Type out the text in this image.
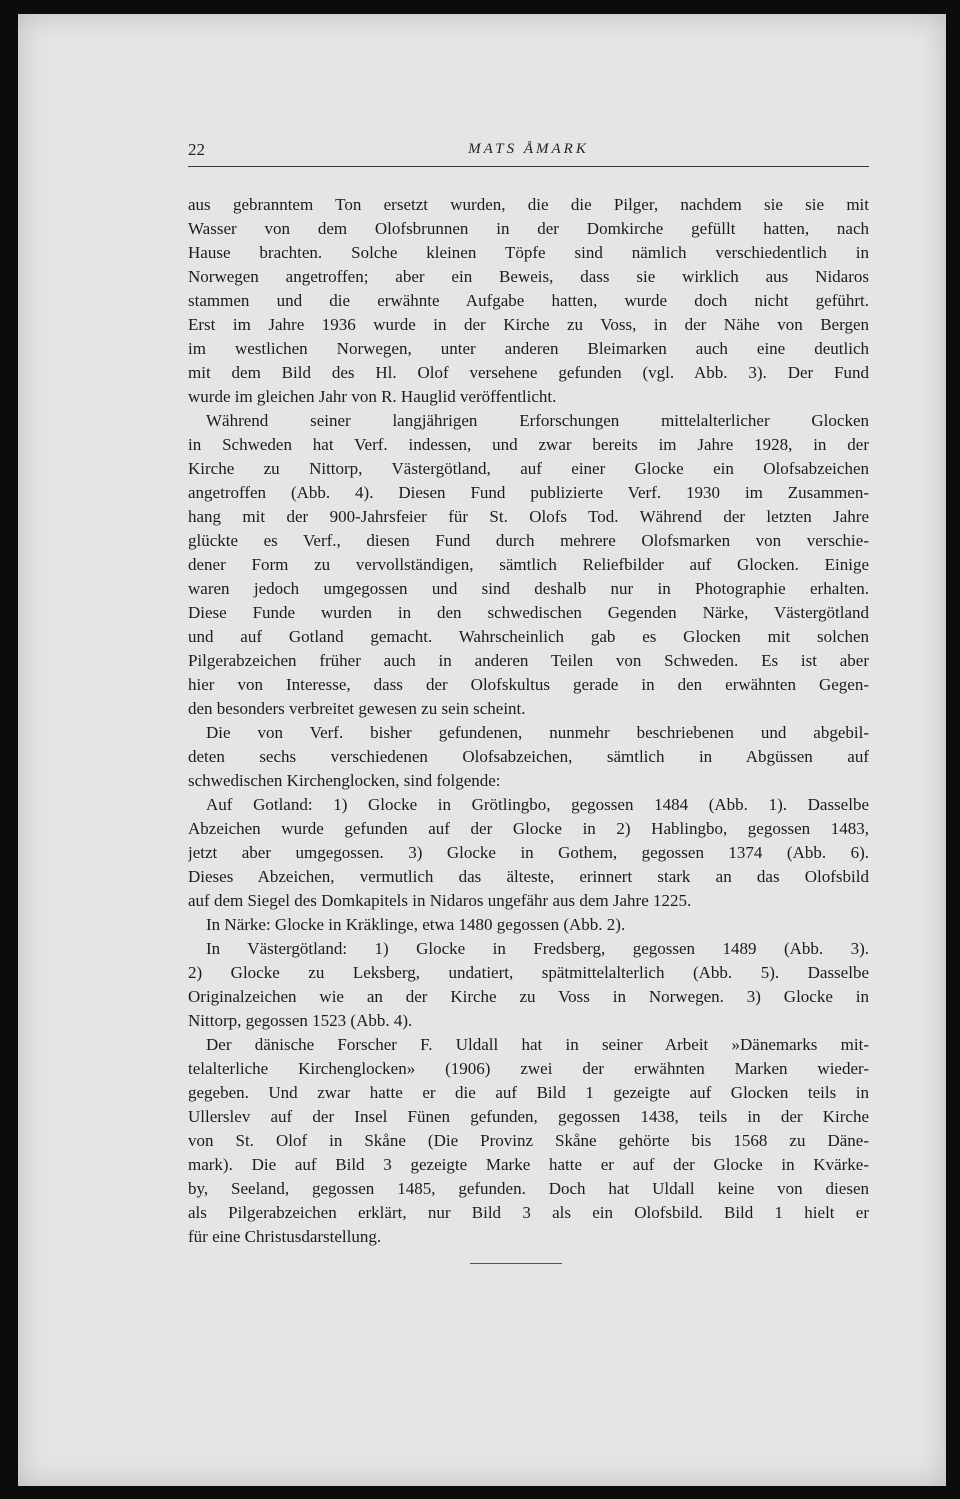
22	MATS ÅMARK
aus gebranntem Ton ersetzt wurden, die die Pilger, nachdem sie sie mit
Wasser von dem Olofsbrunnen in der Domkirche gefüllt hatten, nach
Hause brachten. Solche kleinen Töpfe sind nämlich verschiedentlich in
Norwegen angetroffen; aber ein Beweis, dass sie wirklich aus Nidaros
stammen und die erwähnte Aufgabe hatten, wurde doch nicht geführt.
Erst im Jahre 1936 wurde in der Kirche zu Voss, in der Nähe von Bergen
im westlichen Norwegen, unter anderen Bleimarken auch eine deutlich
mit dem Bild des Hl. Olof versehene gefunden (vgl. Abb. 3). Der Fund
wurde im gleichen Jahr von R. Hauglid veröffentlicht.
Während seiner langjährigen Erforschungen mittelalterlicher Glocken
in Schweden hat Verf. indessen, und zwar bereits im Jahre 1928, in der
Kirche zu Nittorp, Västergötland, auf einer Glocke ein Olofsabzeichen
angetroffen (Abb. 4). Diesen Fund publizierte Verf. 1930 im Zusammen-
hang mit der 900-Jahrsfeier für St. Olofs Tod. Während der letzten Jahre
glückte es Verf., diesen Fund durch mehrere Olofsmarken von verschie-
dener Form zu vervollständigen, sämtlich Reliefbilder auf Glocken. Einige
waren jedoch umgegossen und sind deshalb nur in Photographie erhalten.
Diese Funde wurden in den schwedischen Gegenden Närke, Västergötland
und auf Gotland gemacht. Wahrscheinlich gab es Glocken mit solchen
Pilgerabzeichen früher auch in anderen Teilen von Schweden. Es ist aber
hier von Interesse, dass der Olofskultus gerade in den erwähnten Gegen-
den besonders verbreitet gewesen zu sein scheint.
Die von Verf. bisher gefundenen, nunmehr beschriebenen und abgebil-
deten sechs verschiedenen Olofsabzeichen, sämtlich in Abgüssen auf
schwedischen Kirchenglocken, sind folgende:
Auf Gotland: 1) Glocke in Grötlingbo, gegossen 1484 (Abb. 1). Dasselbe
Abzeichen wurde gefunden auf der Glocke in 2) Hablingbo, gegossen 1483,
jetzt aber umgegossen. 3) Glocke in Gothem, gegossen 1374 (Abb. 6).
Dieses Abzeichen, vermutlich das älteste, erinnert stark an das Olofsbild
auf dem Siegel des Domkapitels in Nidaros ungefähr aus dem Jahre 1225.
In Närke: Glocke in Kräklinge, etwa 1480 gegossen (Abb. 2).
In Västergötland: 1) Glocke in Fredsberg, gegossen 1489 (Abb. 3).
2) Glocke zu Leksberg, undatiert, spätmittelalterlich (Abb. 5). Dasselbe
Originalzeichen wie an der Kirche zu Voss in Norwegen. 3) Glocke in
Nittorp, gegossen 1523 (Abb. 4).
Der dänische Forscher F. Uldall hat in seiner Arbeit »Dänemarks mit-
telalterliche Kirchenglocken» (1906) zwei der erwähnten Marken wieder-
gegeben. Und zwar hatte er die auf Bild 1 gezeigte auf Glocken teils in
Ullerslev auf der Insel Fünen gefunden, gegossen 1438, teils in der Kirche
von St. Olof in Skåne (Die Provinz Skåne gehörte bis 1568 zu Däne-
mark). Die auf Bild 3 gezeigte Marke hatte er auf der Glocke in Kvärke-
by, Seeland, gegossen 1485, gefunden. Doch hat Uldall keine von diesen
als Pilgerabzeichen erklärt, nur Bild 3 als ein Olofsbild. Bild 1 hielt er
für eine Christusdarstellung.
